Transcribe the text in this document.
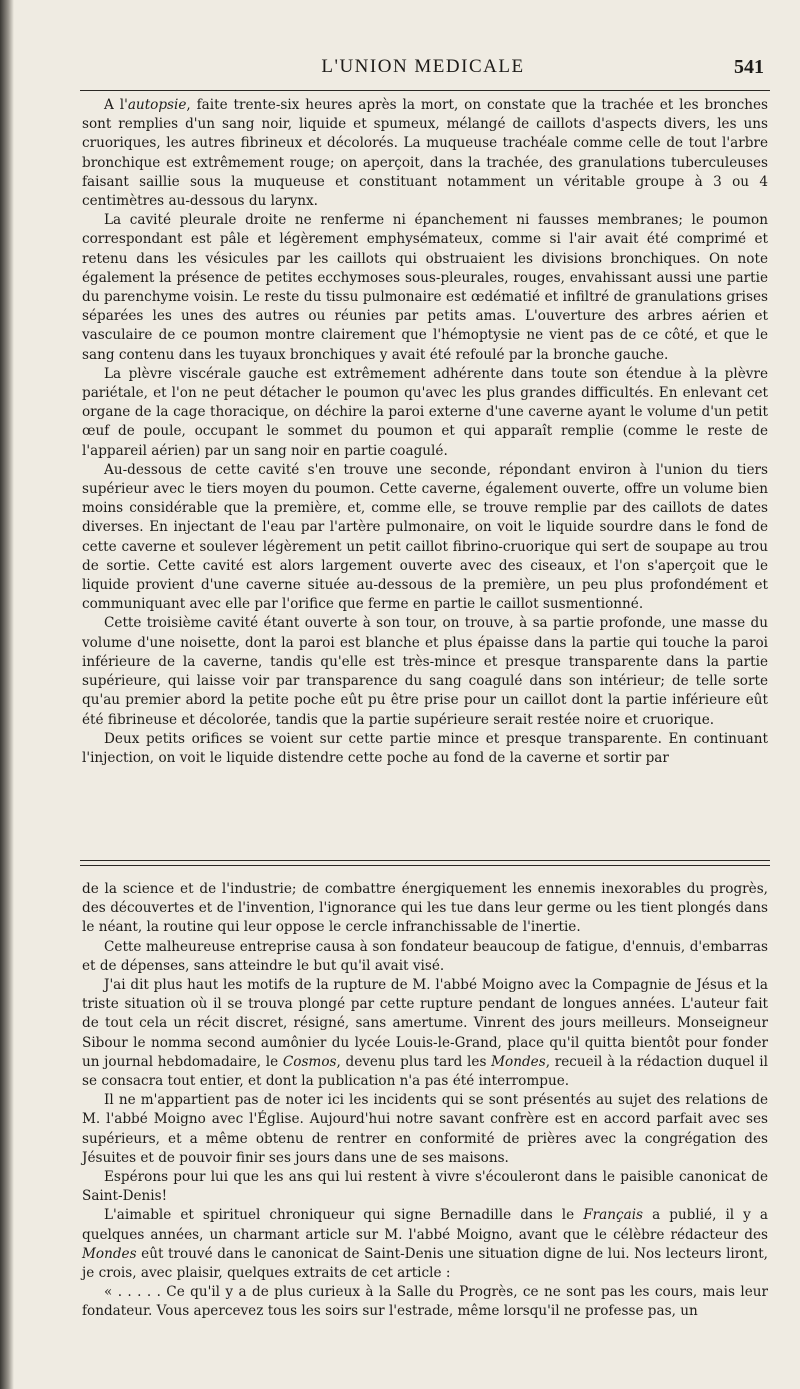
L'UNION MEDICALE	541

A l'autopsie, faite trente-six heures après la mort, on constate que la trachée et les bronches sont remplies d'un sang noir, liquide et spumeux, mélangé de caillots d'aspects divers, les uns cruoriques, les autres fibrineux et décolorés. La muqueuse trachéale comme celle de tout l'arbre bronchique est extrêmement rouge; on aperçoit, dans la trachée, des granulations tuberculeuses faisant saillie sous la muqueuse et constituant notamment un véritable groupe à 3 ou 4 centimètres au-dessous du larynx.

La cavité pleurale droite ne renferme ni épanchement ni fausses membranes; le poumon correspondant est pâle et légèrement emphysémateux, comme si l'air avait été comprimé et retenu dans les vésicules par les caillots qui obstruaient les divisions bronchiques. On note également la présence de petites ecchymoses sous-pleurales, rouges, envahissant aussi une partie du parenchyme voisin. Le reste du tissu pulmonaire est œdématié et infiltré de granulations grises séparées les unes des autres ou réunies par petits amas. L'ouverture des arbres aérien et vasculaire de ce poumon montre clairement que l'hémoptysie ne vient pas de ce côté, et que le sang contenu dans les tuyaux bronchiques y avait été refoulé par la bronche gauche.

La plèvre viscérale gauche est extrêmement adhérente dans toute son étendue à la plèvre pariétale, et l'on ne peut détacher le poumon qu'avec les plus grandes difficultés. En enlevant cet organe de la cage thoracique, on déchire la paroi externe d'une caverne ayant le volume d'un petit œuf de poule, occupant le sommet du poumon et qui apparaît remplie (comme le reste de l'appareil aérien) par un sang noir en partie coagulé.

Au-dessous de cette cavité s'en trouve une seconde, répondant environ à l'union du tiers supérieur avec le tiers moyen du poumon. Cette caverne, également ouverte, offre un volume bien moins considérable que la première, et, comme elle, se trouve remplie par des caillots de dates diverses. En injectant de l'eau par l'artère pulmonaire, on voit le liquide sourdre dans le fond de cette caverne et soulever légèrement un petit caillot fibrino-cruorique qui sert de soupape au trou de sortie. Cette cavité est alors largement ouverte avec des ciseaux, et l'on s'aperçoit que le liquide provient d'une caverne située au-dessous de la première, un peu plus profondément et communiquant avec elle par l'orifice que ferme en partie le caillot susmentionné.

Cette troisième cavité étant ouverte à son tour, on trouve, à sa partie profonde, une masse du volume d'une noisette, dont la paroi est blanche et plus épaisse dans la partie qui touche la paroi inférieure de la caverne, tandis qu'elle est très-mince et presque transparente dans la partie supérieure, qui laisse voir par transparence du sang coagulé dans son intérieur; de telle sorte qu'au premier abord la petite poche eût pu être prise pour un caillot dont la partie inférieure eût été fibrineuse et décolorée, tandis que la partie supérieure serait restée noire et cruorique.

Deux petits orifices se voient sur cette partie mince et presque transparente. En continuant l'injection, on voit le liquide distendre cette poche au fond de la caverne et sortir par

de la science et de l'industrie; de combattre énergiquement les ennemis inexorables du progrès, des découvertes et de l'invention, l'ignorance qui les tue dans leur germe ou les tient plongés dans le néant, la routine qui leur oppose le cercle infranchissable de l'inertie.

Cette malheureuse entreprise causa à son fondateur beaucoup de fatigue, d'ennuis, d'embarras et de dépenses, sans atteindre le but qu'il avait visé.

J'ai dit plus haut les motifs de la rupture de M. l'abbé Moigno avec la Compagnie de Jésus et la triste situation où il se trouva plongé par cette rupture pendant de longues années. L'auteur fait de tout cela un récit discret, résigné, sans amertume. Vinrent des jours meilleurs. Monseigneur Sibour le nomma second aumônier du lycée Louis-le-Grand, place qu'il quitta bientôt pour fonder un journal hebdomadaire, le Cosmos, devenu plus tard les Mondes, recueil à la rédaction duquel il se consacra tout entier, et dont la publication n'a pas été interrompue.

Il ne m'appartient pas de noter ici les incidents qui se sont présentés au sujet des relations de M. l'abbé Moigno avec l'Église. Aujourd'hui notre savant confrère est en accord parfait avec ses supérieurs, et a même obtenu de rentrer en conformité de prières avec la congrégation des Jésuites et de pouvoir finir ses jours dans une de ses maisons.

Espérons pour lui que les ans qui lui restent à vivre s'écouleront dans le paisible canonicat de Saint-Denis!

L'aimable et spirituel chroniqueur qui signe Bernadille dans le Français a publié, il y a quelques années, un charmant article sur M. l'abbé Moigno, avant que le célèbre rédacteur des Mondes eût trouvé dans le canonicat de Saint-Denis une situation digne de lui. Nos lecteurs liront, je crois, avec plaisir, quelques extraits de cet article :

« . . . . . Ce qu'il y a de plus curieux à la Salle du Progrès, ce ne sont pas les cours, mais leur fondateur. Vous apercevez tous les soirs sur l'estrade, même lorsqu'il ne professe pas, un
